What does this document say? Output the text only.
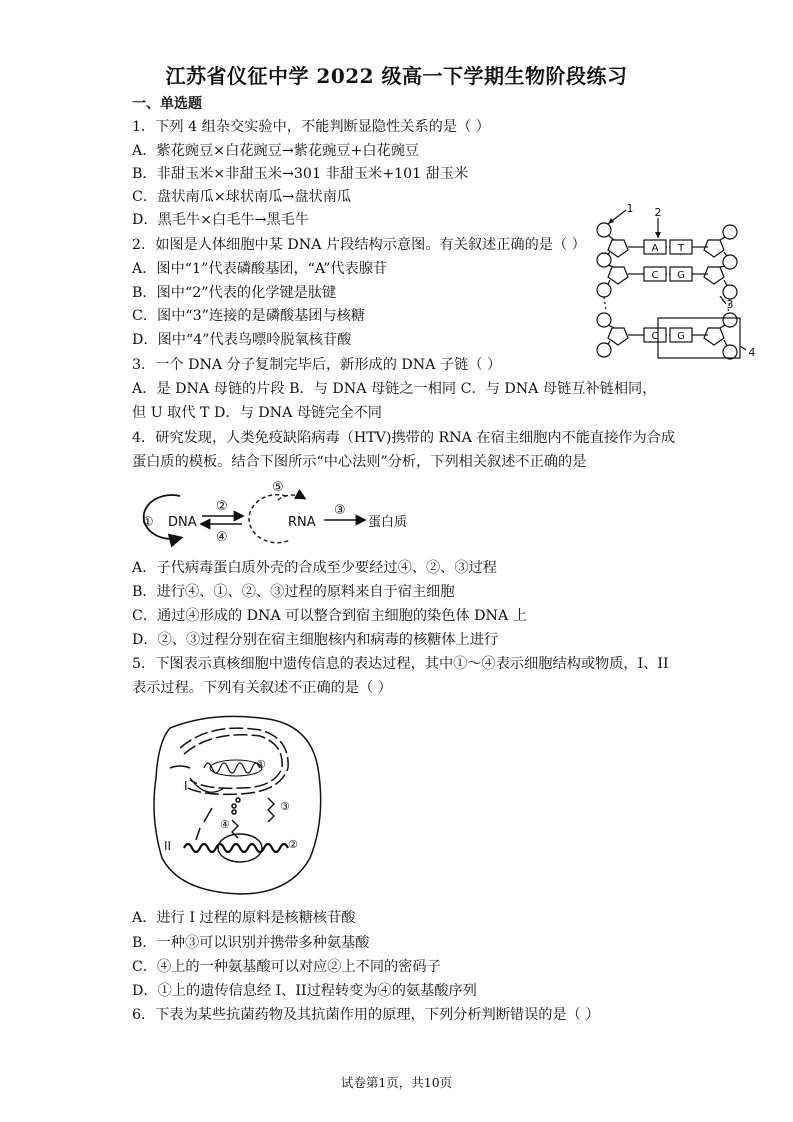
江苏省仪征中学 2022 级高一下学期生物阶段练习
一、单选题
1．下列 4 组杂交实验中，不能判断显隐性关系的是（ ）
A．紫花豌豆×白花豌豆→紫花豌豆+白花豌豆
B．非甜玉米×非甜玉米→301 非甜玉米+101 甜玉米
C．盘状南瓜×球状南瓜→盘状南瓜
D．黑毛牛×白毛牛→黑毛牛
2．如图是人体细胞中某 DNA 片段结构示意图。有关叙述正确的是（ ）
A．图中“1”代表磷酸基团，“A”代表腺苷
B．图中“2”代表的化学键是肽键
C．图中“3”连接的是磷酸基团与核糖
D．图中“4”代表鸟嘌呤脱氧核苷酸
1 2
3
4
A T
C G
C G
3．一个 DNA 分子复制完毕后，新形成的 DNA 子链（ ）
A．是 DNA 母链的片段 B．与 DNA 母链之一相同 C．与 DNA 母链互补链相同，
但 U 取代 T D．与 DNA 母链完全不同
4．研究发现，人类免疫缺陷病毒（HTV)携带的 RNA 在宿主细胞内不能直接作为合成
蛋白质的模板。结合下图所示“中心法则”分析，下列相关叙述不正确的是
① DNA
②
④
⑤
RNA
③
蛋白质
A．子代病毒蛋白质外壳的合成至少要经过④、②、③过程
B．进行④、①、②、③过程的原料来自于宿主细胞
C．通过④形成的 DNA 可以整合到宿主细胞的染色体 DNA 上
D．②、③过程分别在宿主细胞核内和病毒的核糖体上进行
5．下图表示真核细胞中遗传信息的表达过程，其中①～④表示细胞结构或物质，I、II
表示过程。下列有关叙述不正确的是（ ）
I
II
①
②
③
④
A．进行 I 过程的原料是核糖核苷酸
B．一种③可以识别并携带多种氨基酸
C．④上的一种氨基酸可以对应②上不同的密码子
D．①上的遗传信息经 I、II过程转变为④的氨基酸序列
6．下表为某些抗菌药物及其抗菌作用的原理，下列分析判断错误的是（ ）
试卷第1页，共10页
